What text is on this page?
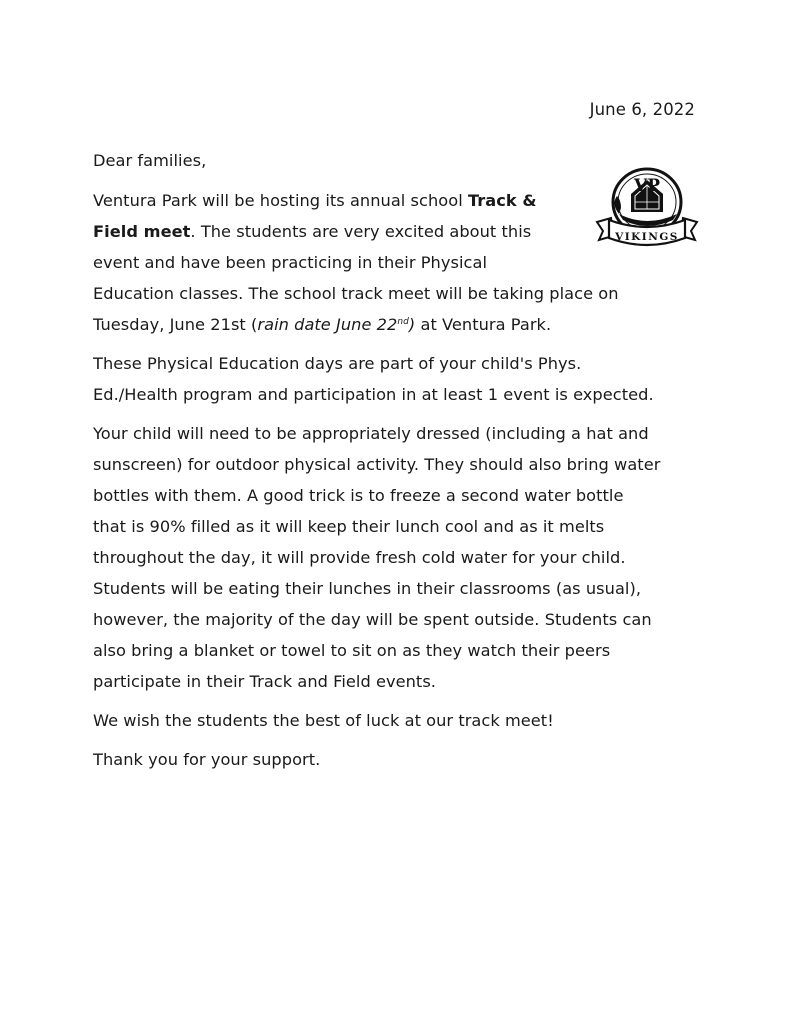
June 6, 2022
VP
VIKINGS

Dear families,

Ventura Park will be hosting its annual school Track &
Field meet. The students are very excited about this
event and have been practicing in their Physical
Education classes. The school track meet will be taking place on
Tuesday, June 21st (rain date June 22nd) at Ventura Park.

These Physical Education days are part of your child's Phys.
Ed./Health program and participation in at least 1 event is expected.

Your child will need to be appropriately dressed (including a hat and
sunscreen) for outdoor physical activity. They should also bring water
bottles with them. A good trick is to freeze a second water bottle
that is 90% filled as it will keep their lunch cool and as it melts
throughout the day, it will provide fresh cold water for your child.
Students will be eating their lunches in their classrooms (as usual),
however, the majority of the day will be spent outside. Students can
also bring a blanket or towel to sit on as they watch their peers
participate in their Track and Field events.

We wish the students the best of luck at our track meet!

Thank you for your support.
